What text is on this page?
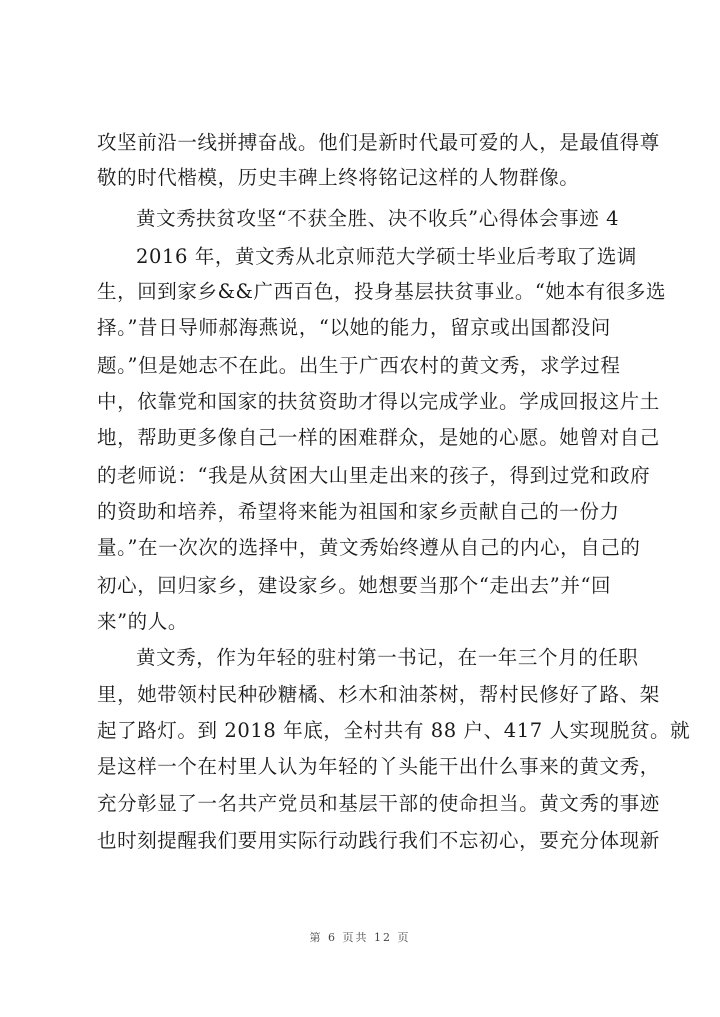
攻坚前沿一线拼搏奋战。他们是新时代最可爱的人，是最值得尊
敬的时代楷模，历史丰碑上终将铭记这样的人物群像。
黄文秀扶贫攻坚“不获全胜、决不收兵”心得体会事迹 4
2016 年，黄文秀从北京师范大学硕士毕业后考取了选调
生，回到家乡&&广西百色，投身基层扶贫事业。“她本有很多选
择。”昔日导师郝海燕说，“以她的能力，留京或出国都没问
题。”但是她志不在此。出生于广西农村的黄文秀，求学过程
中，依靠党和国家的扶贫资助才得以完成学业。学成回报这片土
地，帮助更多像自己一样的困难群众，是她的心愿。她曾对自己
的老师说：“我是从贫困大山里走出来的孩子，得到过党和政府
的资助和培养，希望将来能为祖国和家乡贡献自己的一份力
量。”在一次次的选择中，黄文秀始终遵从自己的内心，自己的
初心，回归家乡，建设家乡。她想要当那个“走出去”并“回
来”的人。
黄文秀，作为年轻的驻村第一书记，在一年三个月的任职
里，她带领村民种砂糖橘、杉木和油茶树，帮村民修好了路、架
起了路灯。到 2018 年底，全村共有 88 户、417 人实现脱贫。就
是这样一个在村里人认为年轻的丫头能干出什么事来的黄文秀，
充分彰显了一名共产党员和基层干部的使命担当。黄文秀的事迹
也时刻提醒我们要用实际行动践行我们不忘初心，要充分体现新
第 6 页共 12 页
